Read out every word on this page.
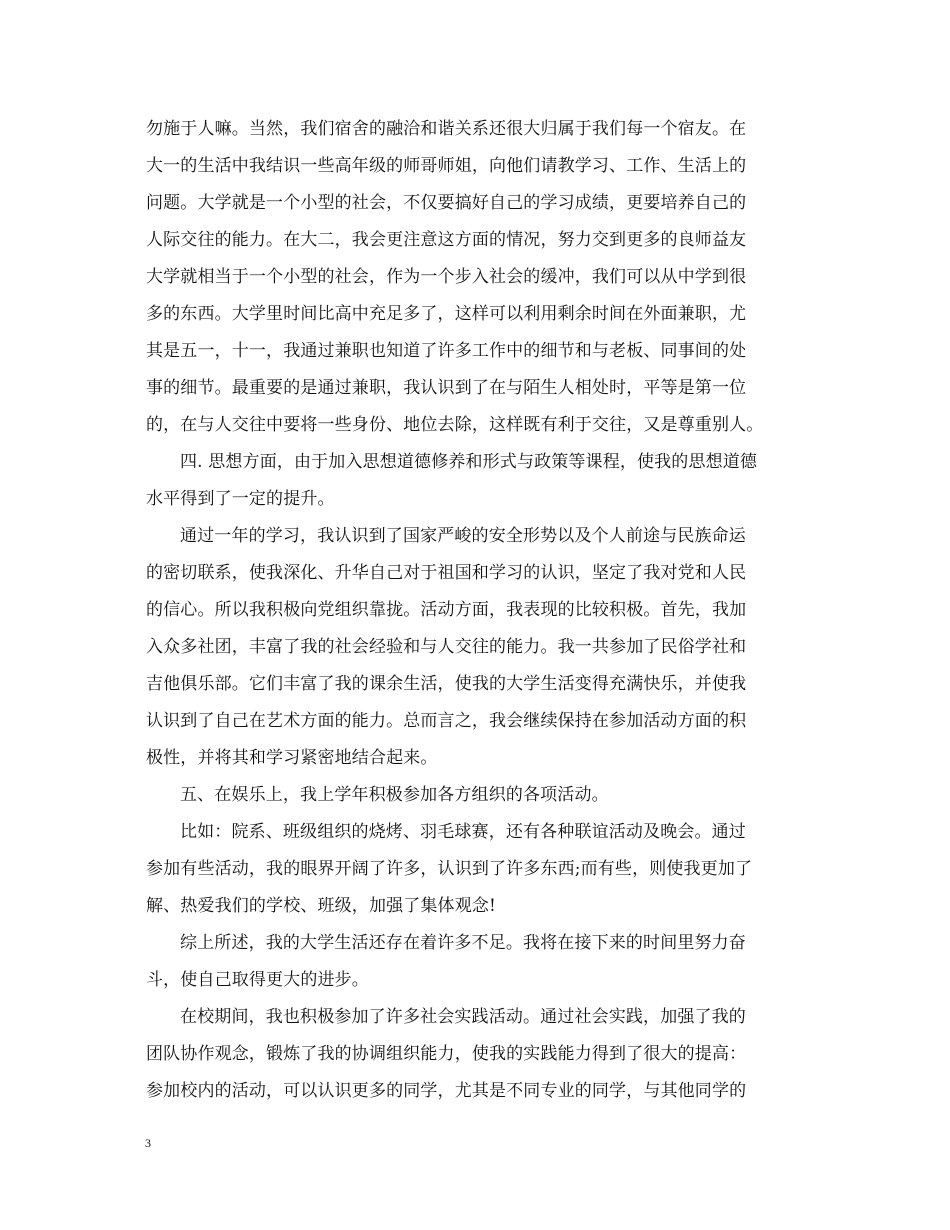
勿施于人嘛。当然，我们宿舍的融洽和谐关系还很大归属于我们每一个宿友。在
大一的生活中我结识一些高年级的师哥师姐，向他们请教学习、工作、生活上的
问题。大学就是一个小型的社会，不仅要搞好自己的学习成绩，更要培养自己的
人际交往的能力。在大二，我会更注意这方面的情况，努力交到更多的良师益友
大学就相当于一个小型的社会，作为一个步入社会的缓冲，我们可以从中学到很
多的东西。大学里时间比高中充足多了，这样可以利用剩余时间在外面兼职，尤
其是五一，十一，我通过兼职也知道了许多工作中的细节和与老板、同事间的处
事的细节。最重要的是通过兼职，我认识到了在与陌生人相处时，平等是第一位
的，在与人交往中要将一些身份、地位去除，这样既有利于交往，又是尊重别人。
四. 思想方面，由于加入思想道德修养和形式与政策等课程，使我的思想道德
水平得到了一定的提升。
通过一年的学习，我认识到了国家严峻的安全形势以及个人前途与民族命运
的密切联系，使我深化、升华自己对于祖国和学习的认识，坚定了我对党和人民
的信心。所以我积极向党组织靠拢。活动方面，我表现的比较积极。首先，我加
入众多社团，丰富了我的社会经验和与人交往的能力。我一共参加了民俗学社和
吉他俱乐部。它们丰富了我的课余生活，使我的大学生活变得充满快乐，并使我
认识到了自己在艺术方面的能力。总而言之，我会继续保持在参加活动方面的积
极性，并将其和学习紧密地结合起来。
五、在娱乐上，我上学年积极参加各方组织的各项活动。
比如：院系、班级组织的烧烤、羽毛球赛，还有各种联谊活动及晚会。通过
参加有些活动，我的眼界开阔了许多，认识到了许多东西;而有些，则使我更加了
解、热爱我们的学校、班级，加强了集体观念!
综上所述，我的大学生活还存在着许多不足。我将在接下来的时间里努力奋
斗，使自己取得更大的进步。
在校期间，我也积极参加了许多社会实践活动。通过社会实践，加强了我的
团队协作观念，锻炼了我的协调组织能力，使我的实践能力得到了很大的提高：
参加校内的活动，可以认识更多的同学，尤其是不同专业的同学，与其他同学的
3
